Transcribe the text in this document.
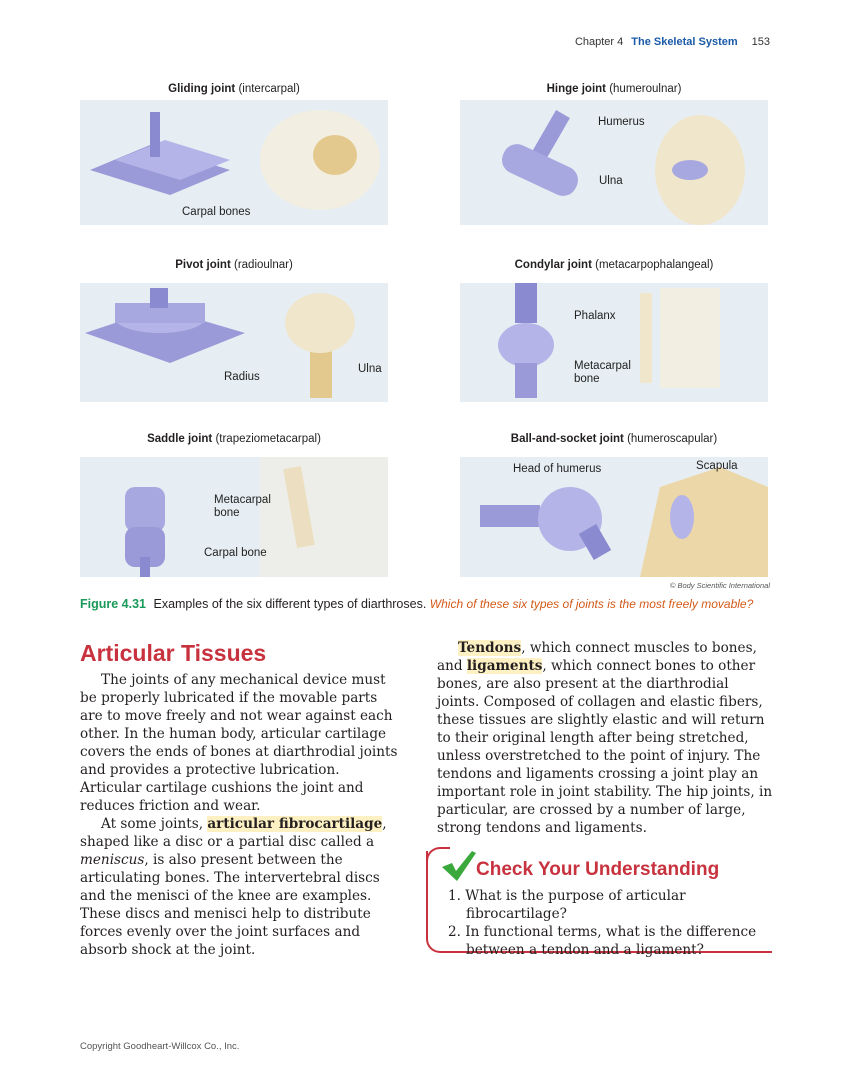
Chapter 4 The Skeletal System 153
Gliding joint (intercarpal)	Hinge joint (humeroulnar)
Pivot joint (radioulnar)	Condylar joint (metacarpophalangeal)
Saddle joint (trapeziometacarpal)	Ball-and-socket joint (humeroscapular)
Carpal bones
Humerus
Ulna
Radius
Ulna
Phalanx
Metacarpal bone
Metacarpal bone
Carpal bone
Head of humerus	Scapula
© Body Scientific International
Figure 4.31 Examples of the six different types of diarthroses. Which of these six types of joints is the most freely movable?
Articular Tissues

The joints of any mechanical device must be properly lubricated if the movable parts are to move freely and not wear against each other. In the human body, articular cartilage covers the ends of bones at diarthrodial joints and provides a protective lubrication. Articular cartilage cushions the joint and reduces friction and wear.

At some joints, articular fibrocartilage, shaped like a disc or a partial disc called a meniscus, is also present between the articulating bones. The intervertebral discs and the menisci of the knee are examples. These discs and menisci help to distribute forces evenly over the joint surfaces and absorb shock at the joint.

Tendons, which connect muscles to bones, and ligaments, which connect bones to other bones, are also present at the diarthrodial joints. Composed of collagen and elastic fibers, these tissues are slightly elastic and will return to their original length after being stretched, unless overstretched to the point of injury. The tendons and ligaments crossing a joint play an important role in joint stability. The hip joints, in particular, are crossed by a number of large, strong tendons and ligaments.

Check Your Understanding
1. What is the purpose of articular fibrocartilage?
2. In functional terms, what is the difference between a tendon and a ligament?
Copyright Goodheart-Willcox Co., Inc.
